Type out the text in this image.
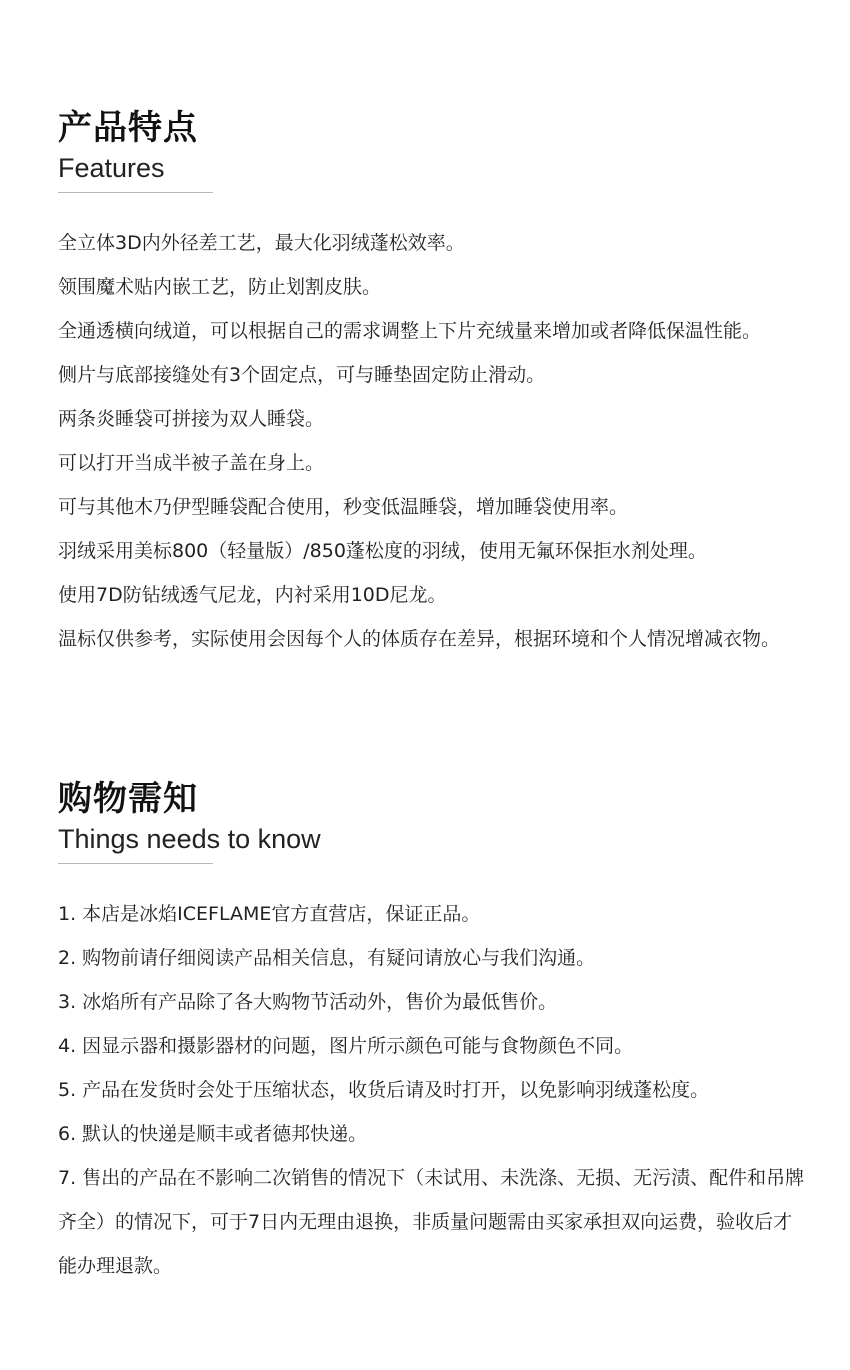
产品特点
Features
全立体3D内外径差工艺，最大化羽绒蓬松效率。
领围魔术贴内嵌工艺，防止划割皮肤。
全通透横向绒道，可以根据自己的需求调整上下片充绒量来增加或者降低保温性能。
侧片与底部接缝处有3个固定点，可与睡垫固定防止滑动。
两条炎睡袋可拼接为双人睡袋。
可以打开当成半被子盖在身上。
可与其他木乃伊型睡袋配合使用，秒变低温睡袋，增加睡袋使用率。
羽绒采用美标800（轻量版）/850蓬松度的羽绒，使用无氟环保拒水剂处理。
使用7D防钻绒透气尼龙，内衬采用10D尼龙。
温标仅供参考，实际使用会因每个人的体质存在差异，根据环境和个人情况增减衣物。
购物需知
Things needs to know
1. 本店是冰焰ICEFLAME官方直营店，保证正品。
2. 购物前请仔细阅读产品相关信息，有疑问请放心与我们沟通。
3. 冰焰所有产品除了各大购物节活动外，售价为最低售价。
4. 因显示器和摄影器材的问题，图片所示颜色可能与食物颜色不同。
5. 产品在发货时会处于压缩状态，收货后请及时打开，以免影响羽绒蓬松度。
6. 默认的快递是顺丰或者德邦快递。
7. 售出的产品在不影响二次销售的情况下（未试用、未洗涤、无损、无污渍、配件和吊牌齐全）的情况下，可于7日内无理由退换，非质量问题需由买家承担双向运费，验收后才能办理退款。
